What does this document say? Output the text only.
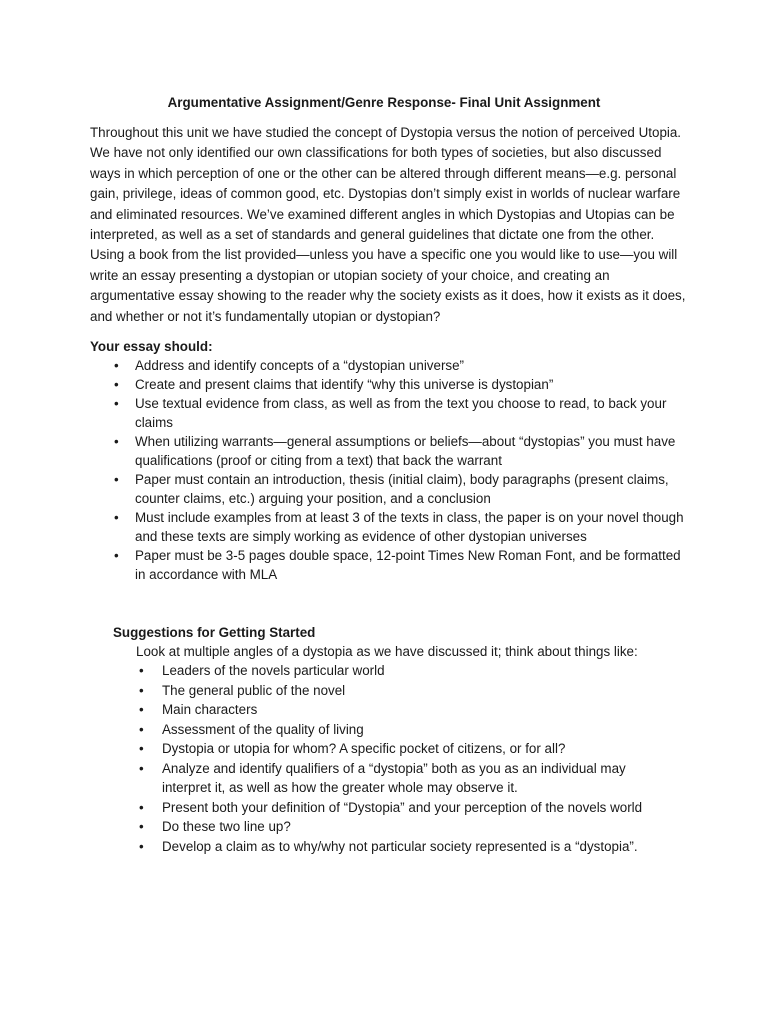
Argumentative Assignment/Genre Response- Final Unit Assignment

Throughout this unit we have studied the concept of Dystopia versus the notion of perceived Utopia. We have not only identified our own classifications for both types of societies, but also discussed ways in which perception of one or the other can be altered through different means—e.g. personal gain, privilege, ideas of common good, etc. Dystopias don’t simply exist in worlds of nuclear warfare and eliminated resources. We’ve examined different angles in which Dystopias and Utopias can be interpreted, as well as a set of standards and general guidelines that dictate one from the other. Using a book from the list provided—unless you have a specific one you would like to use—you will write an essay presenting a dystopian or utopian society of your choice, and creating an argumentative essay showing to the reader why the society exists as it does, how it exists as it does, and whether or not it’s fundamentally utopian or dystopian?

Your essay should:
• Address and identify concepts of a “dystopian universe”
• Create and present claims that identify “why this universe is dystopian”
• Use textual evidence from class, as well as from the text you choose to read, to back your claims
• When utilizing warrants—general assumptions or beliefs—about “dystopias” you must have qualifications (proof or citing from a text) that back the warrant
• Paper must contain an introduction, thesis (initial claim), body paragraphs (present claims, counter claims, etc.) arguing your position, and a conclusion
• Must include examples from at least 3 of the texts in class, the paper is on your novel though and these texts are simply working as evidence of other dystopian universes
• Paper must be 3-5 pages double space, 12-point Times New Roman Font, and be formatted in accordance with MLA
Suggestions for Getting Started
Look at multiple angles of a dystopia as we have discussed it; think about things like:
• Leaders of the novels particular world
• The general public of the novel
• Main characters
• Assessment of the quality of living
• Dystopia or utopia for whom? A specific pocket of citizens, or for all?
• Analyze and identify qualifiers of a “dystopia” both as you as an individual may interpret it, as well as how the greater whole may observe it.
• Present both your definition of “Dystopia” and your perception of the novels world
• Do these two line up?
• Develop a claim as to why/why not particular society represented is a “dystopia”.
